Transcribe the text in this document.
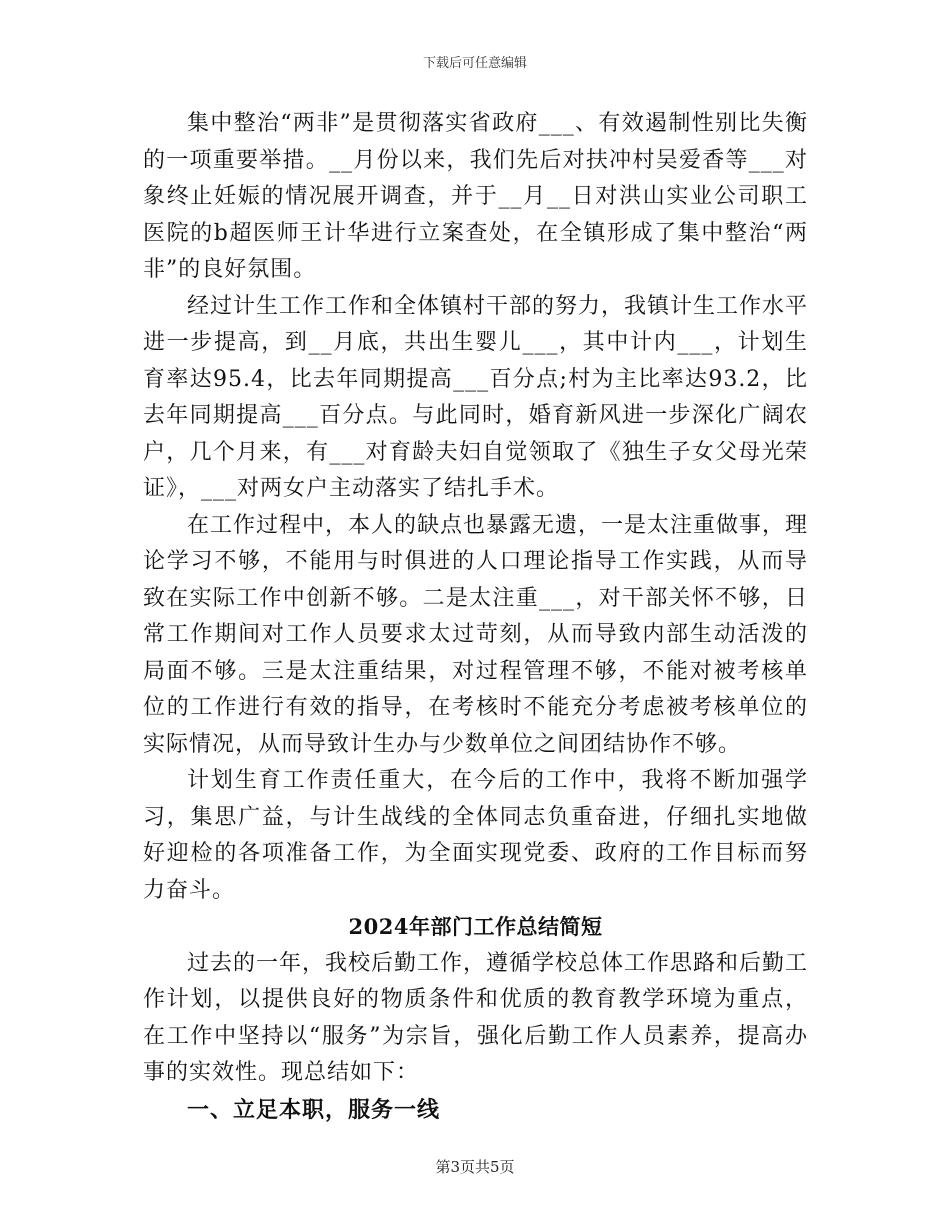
下载后可任意编辑

集中整治“两非”是贯彻落实省政府___、有效遏制性别比失衡的一项重要举措。__月份以来，我们先后对扶冲村吴爱香等___对象终止妊娠的情况展开调查，并于__月__日对洪山实业公司职工医院的b超医师王计华进行立案查处，在全镇形成了集中整治“两非”的良好氛围。

经过计生工作工作和全体镇村干部的努力，我镇计生工作水平进一步提高，到__月底，共出生婴儿___，其中计内___，计划生育率达95.4，比去年同期提高___百分点;村为主比率达93.2，比去年同期提高___百分点。与此同时，婚育新风进一步深化广阔农户，几个月来，有___对育龄夫妇自觉领取了《独生子女父母光荣证》，___对两女户主动落实了结扎手术。

在工作过程中，本人的缺点也暴露无遗，一是太注重做事，理论学习不够，不能用与时俱进的人口理论指导工作实践，从而导致在实际工作中创新不够。二是太注重___，对干部关怀不够，日常工作期间对工作人员要求太过苛刻，从而导致内部生动活泼的局面不够。三是太注重结果，对过程管理不够，不能对被考核单位的工作进行有效的指导，在考核时不能充分考虑被考核单位的实际情况，从而导致计生办与少数单位之间团结协作不够。

计划生育工作责任重大，在今后的工作中，我将不断加强学习，集思广益，与计生战线的全体同志负重奋进，仔细扎实地做好迎检的各项准备工作，为全面实现党委、政府的工作目标而努力奋斗。

2024年部门工作总结简短

过去的一年，我校后勤工作，遵循学校总体工作思路和后勤工作计划，以提供良好的物质条件和优质的教育教学环境为重点，在工作中坚持以“服务”为宗旨，强化后勤工作人员素养，提高办事的实效性。现总结如下：

一、立足本职，服务一线

第3页共5页
